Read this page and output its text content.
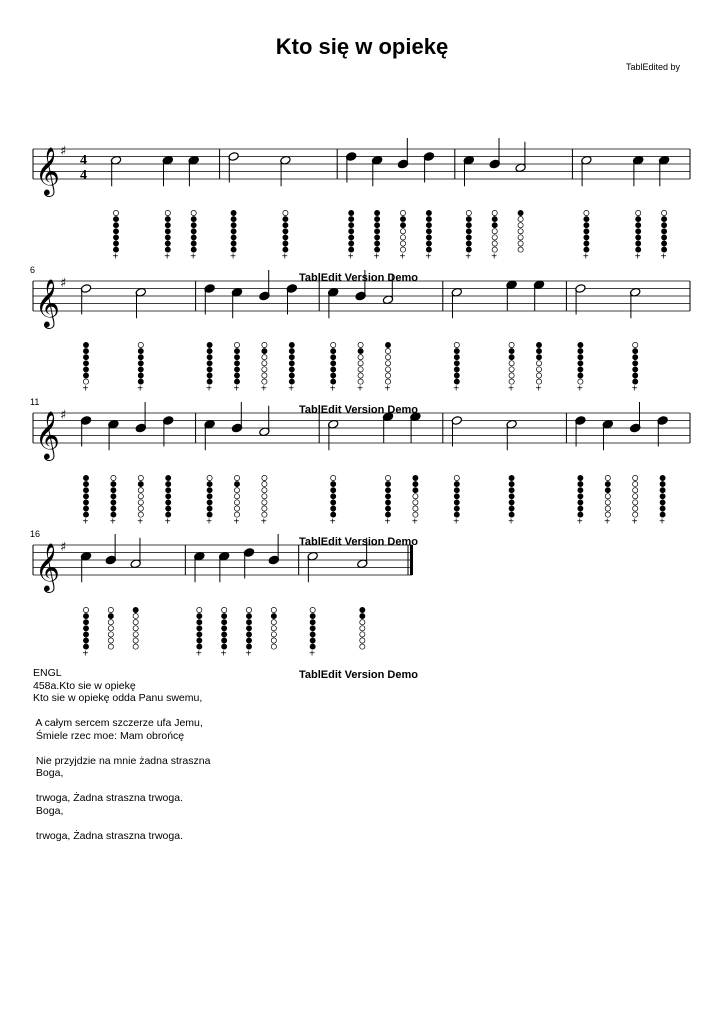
Kto się w opiekę
TablEdited by
𝄞 ♯
4
4
+	+ +	+	+	+ + + +	+ +	+	+ +
𝄞 ♯
6
+	+	+ + + +	+ + +	+	+ +	+	+
𝄞 ♯
11
+ + + +	+ + +	+	+ +	+	+	+ + + +
𝄞 ♯
16
+	+ + +	+
TablEdit Version Demo
TablEdit Version Demo
TablEdit Version Demo
TablEdit Version Demo
ENGL
458a.Kto sie w opiekę
Kto sie w opiekę odda Panu swemu,
A całym sercem szczerze ufa Jemu,
Śmiele rzec moe: Mam obrońcę
Nie przyjdzie na mnie żadna straszna
Boga,
trwoga, Żadna straszna trwoga.
Boga,
trwoga, Żadna straszna trwoga.
